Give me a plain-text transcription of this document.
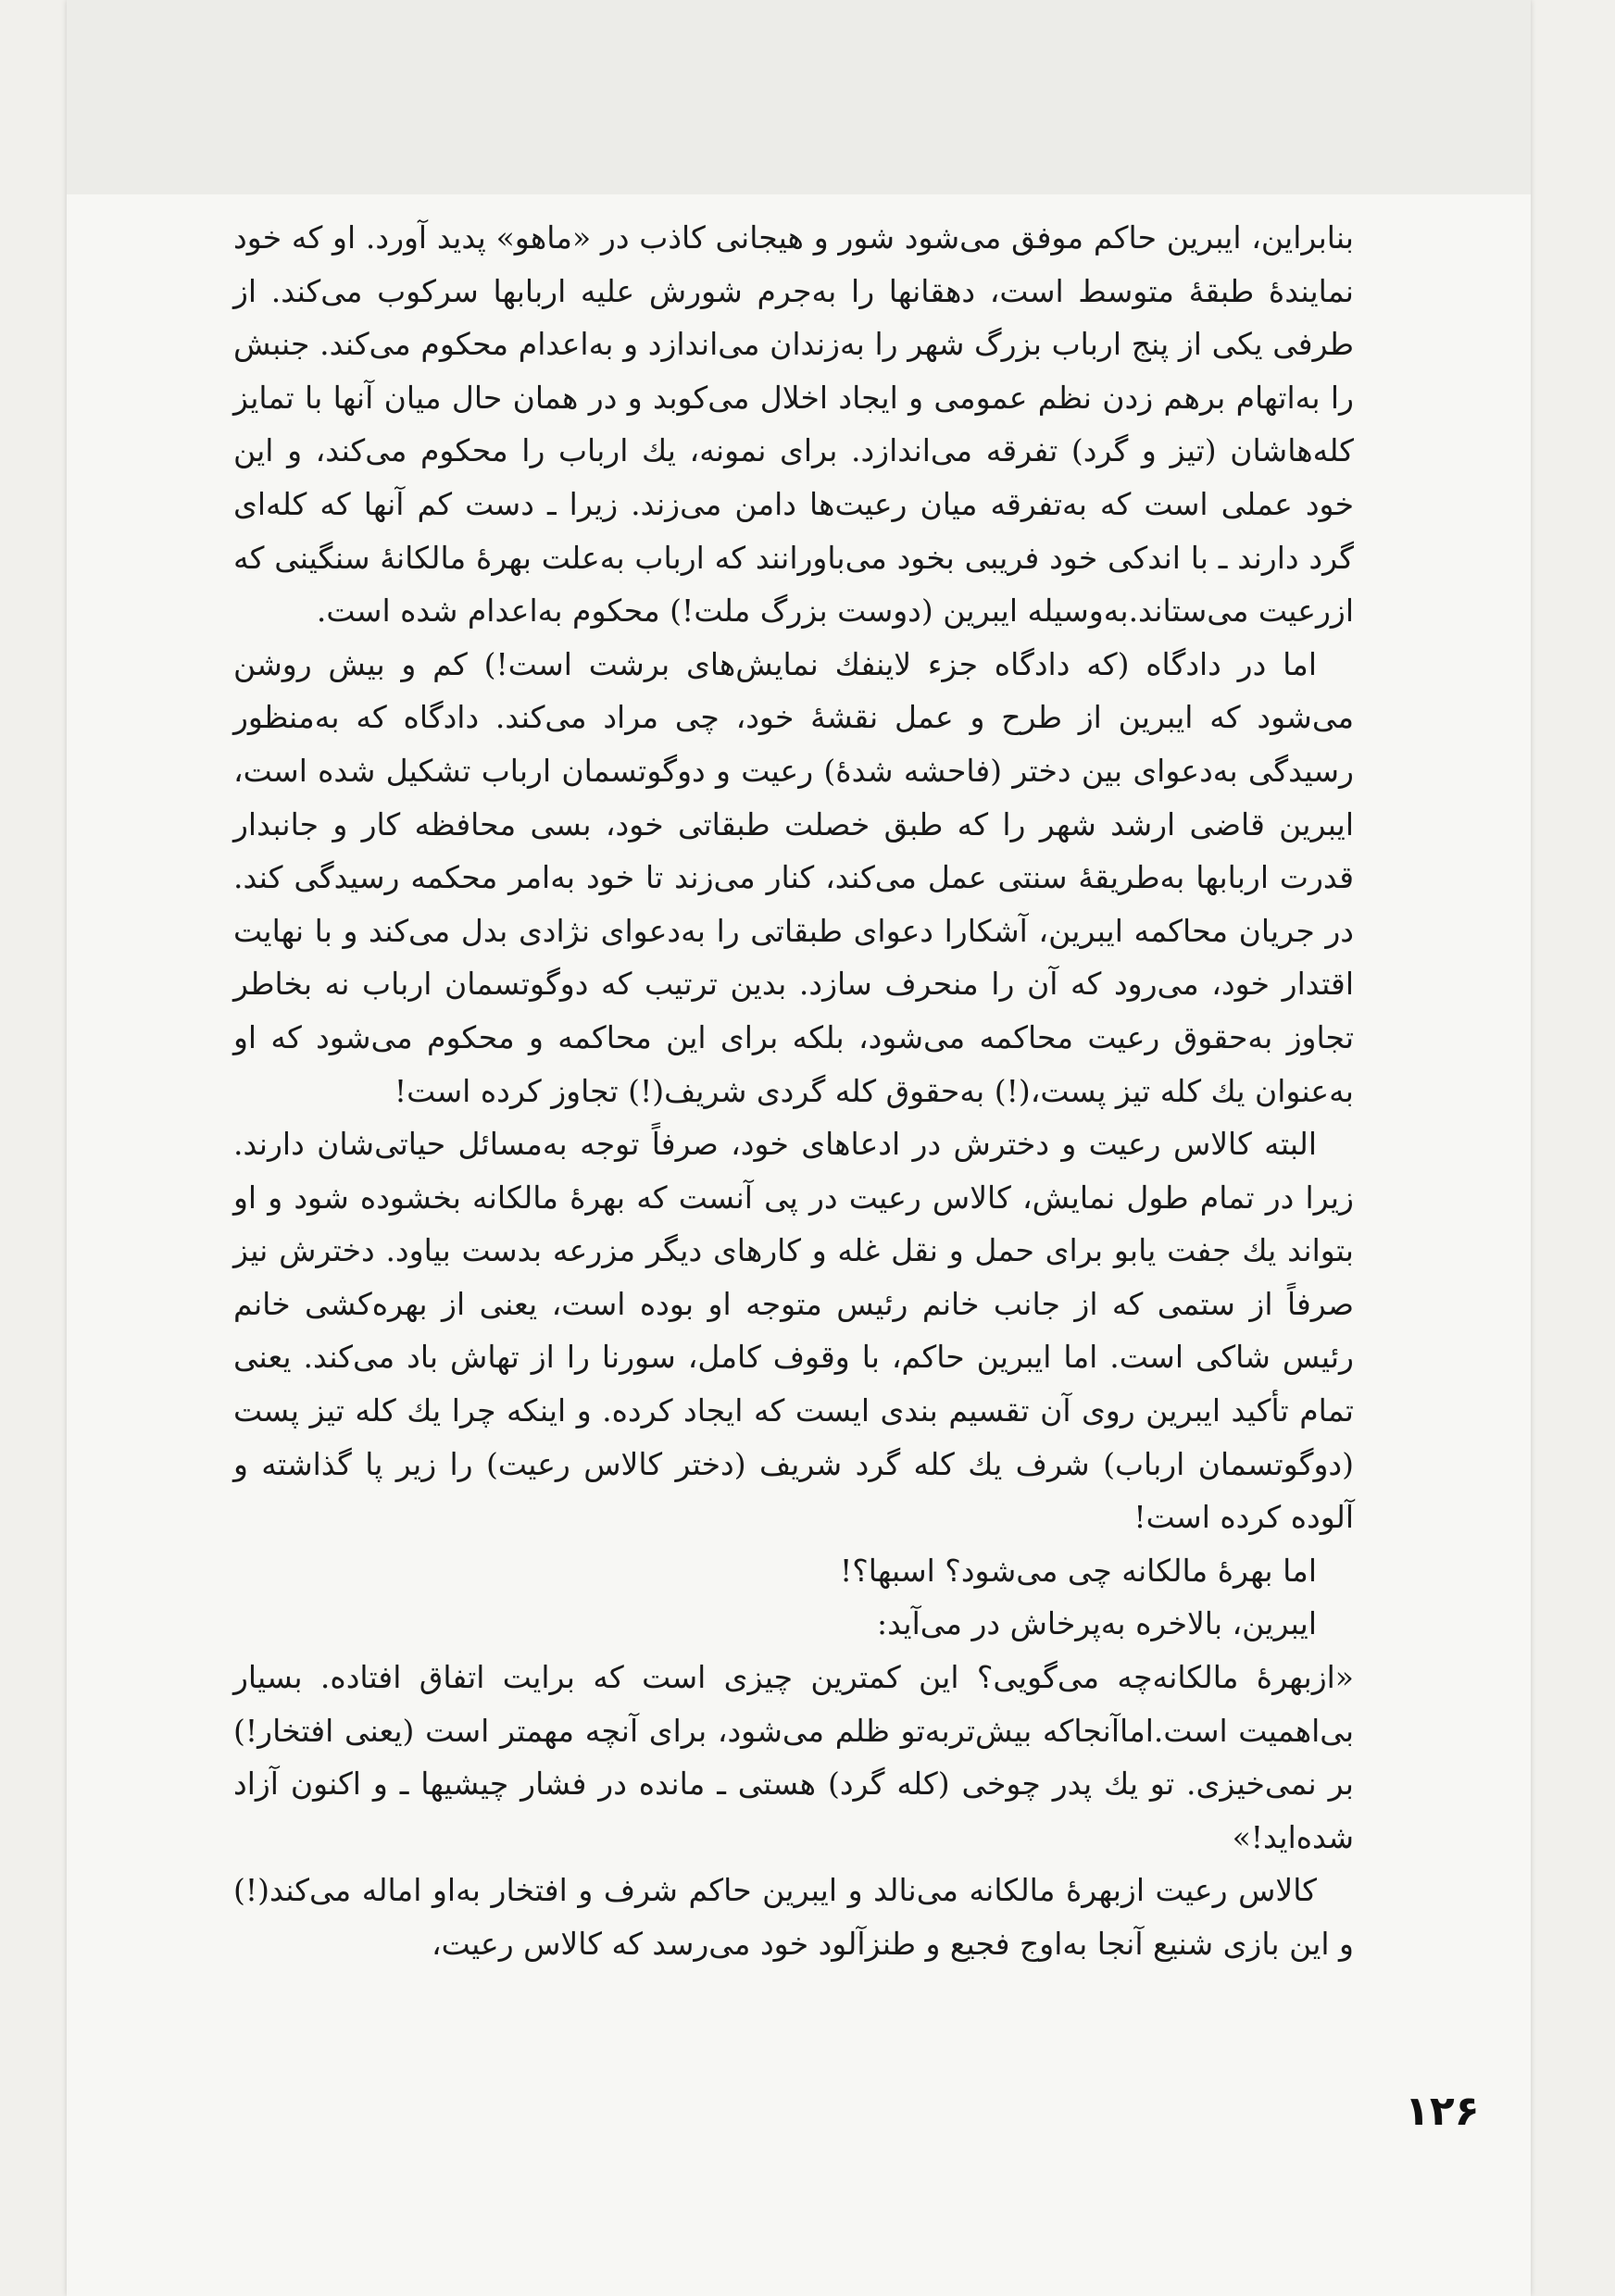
بنابراین، ایبرین حاکم موفق می‌شود شور و هیجانی کاذب در «ماهو» پدید آورد. او که خود نمایندهٔ طبقهٔ متوسط است، دهقانها را به‌جرم شورش علیه اربابها سرکوب می‌کند. از طرفی یکی از پنج ارباب بزرگ شهر را به‌زندان می‌اندازد و به‌اعدام محکوم می‌کند. جنبش را به‌اتهام برهم زدن نظم عمومی و ایجاد اخلال می‌کوبد و در همان حال میان آنها با تمایز کله‌هاشان (تیز و گرد) تفرقه می‌اندازد. برای نمونه، یك ارباب را محکوم می‌کند، و این خود عملی است که به‌تفرقه میان رعیت‌ها دامن می‌زند. زیرا ـ دست کم آنها که کله‌ای گرد دارند ـ با اندکی خود فریبی بخود می‌باورانند که ارباب به‌علت بهرهٔ مالکانهٔ سنگینی که ازرعیت می‌ستاند.به‌وسیله ایبرین (دوست بزرگ ملت!) محکوم به‌اعدام شده است.

اما در دادگاه (که دادگاه جزء لاینفك نمایش‌های برشت است!) کم و بیش روشن می‌شود که ایبرین از طرح و عمل نقشهٔ خود، چی مراد می‌کند. دادگاه که به‌منظور رسیدگی به‌دعوای بین دختر (فاحشه شدهٔ) رعیت و دوگوتسمان ارباب تشکیل شده است، ایبرین قاضی ارشد شهر را که طبق خصلت طبقاتی خود، بسی محافظه کار و جانبدار قدرت اربابها به‌طریقهٔ سنتی عمل می‌کند، کنار می‌زند تا خود به‌امر محکمه رسیدگی کند. در جریان محاکمه ایبرین، آشکارا دعوای طبقاتی را به‌دعوای نژادی بدل می‌کند و با نهایت اقتدار خود، می‌رود که آن را منحرف سازد. بدین ترتیب که دوگوتسمان ارباب نه بخاطر تجاوز به‌حقوق رعیت محاکمه می‌شود، بلکه برای این محاکمه و محکوم می‌شود که او به‌عنوان یك کله تیز پست،(!) به‌حقوق کله گردی شریف(!) تجاوز کرده است!

البته کالاس رعیت و دخترش در ادعاهای خود، صرفاً توجه به‌مسائل حیاتی‌شان دارند. زیرا در تمام طول نمایش، کالاس رعیت در پی آنست که بهرهٔ مالکانه بخشوده شود و او بتواند یك جفت یابو برای حمل و نقل غله و کارهای دیگر مزرعه بدست بیاود. دخترش نیز صرفاً از ستمی که از جانب خانم رئیس متوجه او بوده است، یعنی از بهره‌کشی خانم رئیس شاکی است. اما ایبرین حاکم، با وقوف کامل، سورنا را از تهاش باد می‌کند. یعنی تمام تأکید ایبرین روی آن تقسیم بندی ایست که ایجاد کرده. و اینکه چرا یك کله تیز پست (دوگوتسمان ارباب) شرف یك کله گرد شریف (دختر کالاس رعیت) را زیر پا گذاشته و آلوده کرده است!

اما بهرهٔ مالکانه چی می‌شود؟ اسبها؟!

ایبرین، بالاخره به‌پرخاش در می‌آید:

«ازبهرهٔ مالکانه‌چه می‌گویی؟ این کمترین چیزی است که برایت اتفاق افتاده. بسیار بی‌اهمیت است.اماآنجاکه بیش‌تربه‌تو ظلم می‌شود، برای آنچه مهمتر است (یعنی افتخار!) بر نمی‌خیزی. تو یك پدر چوخی (کله گرد) هستی ـ مانده در فشار چیشیها ـ و اکنون آزاد شده‌اید!»

کالاس رعیت ازبهرهٔ مالکانه می‌نالد و ایبرین حاکم شرف و افتخار به‌او اماله می‌کند(!) و این بازی شنیع آنجا به‌اوج فجیع و طنزآلود خود می‌رسد که کالاس رعیت،

۱۲۶
